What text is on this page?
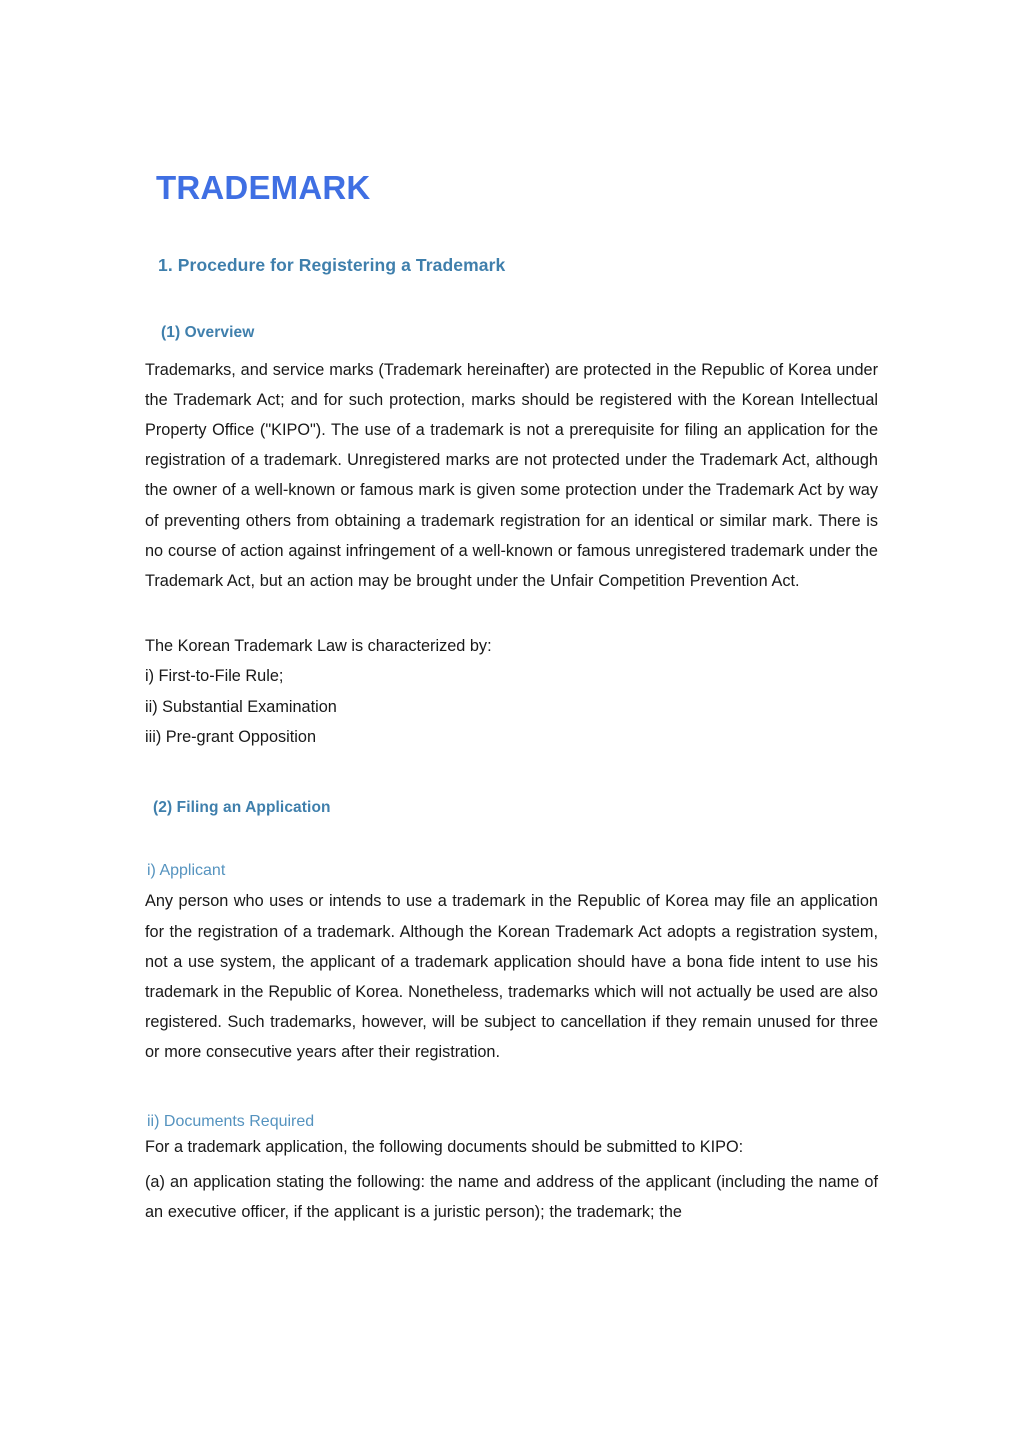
TRADEMARK
1. Procedure for Registering a Trademark
(1) Overview

Trademarks, and service marks (Trademark hereinafter) are protected in the Republic of Korea under the Trademark Act; and for such protection, marks should be registered with the Korean Intellectual Property Office ("KIPO"). The use of a trademark is not a prerequisite for filing an application for the registration of a trademark. Unregistered marks are not protected under the Trademark Act, although the owner of a well-known or famous mark is given some protection under the Trademark Act by way of preventing others from obtaining a trademark registration for an identical or similar mark. There is no course of action against infringement of a well-known or famous unregistered trademark under the Trademark Act, but an action may be brought under the Unfair Competition Prevention Act.

The Korean Trademark Law is characterized by:

i) First-to-File Rule;

ii) Substantial Examination

iii) Pre-grant Opposition

(2) Filing an Application
i) Applicant

Any person who uses or intends to use a trademark in the Republic of Korea may file an application for the registration of a trademark. Although the Korean Trademark Act adopts a registration system, not a use system, the applicant of a trademark application should have a bona fide intent to use his trademark in the Republic of Korea. Nonetheless, trademarks which will not actually be used are also registered. Such trademarks, however, will be subject to cancellation if they remain unused for three or more consecutive years after their registration.

ii) Documents Required

For a trademark application, the following documents should be submitted to KIPO:

(a) an application stating the following: the name and address of the applicant (including the name of an executive officer, if the applicant is a juristic person); the trademark; the
